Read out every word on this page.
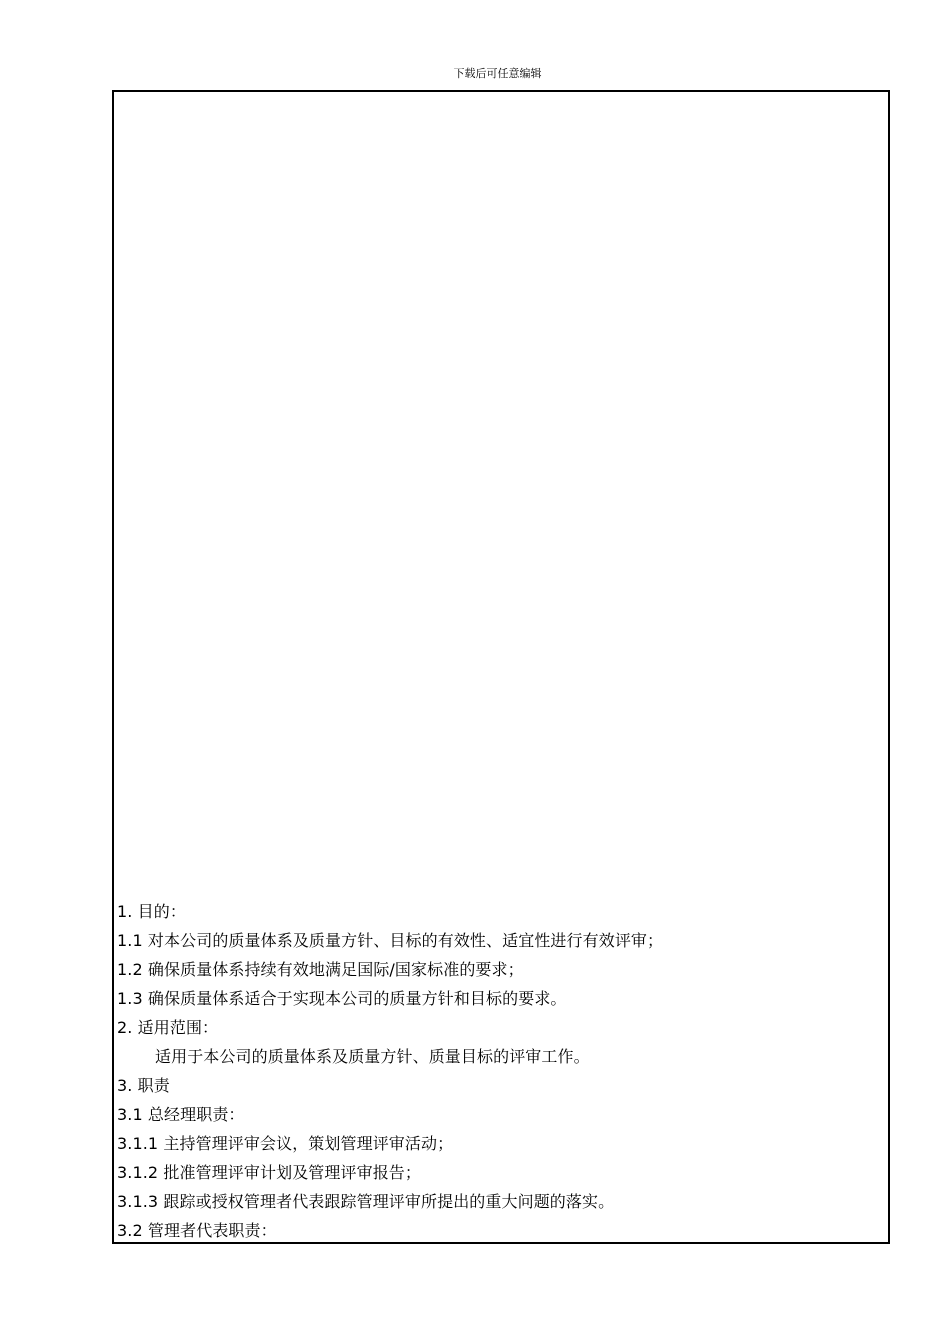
下载后可任意编辑
1. 目的：
1.1 对本公司的质量体系及质量方针、目标的有效性、适宜性进行有效评审；
1.2 确保质量体系持续有效地满足国际/国家标准的要求；
1.3 确保质量体系适合于实现本公司的质量方针和目标的要求。
2. 适用范围：
适用于本公司的质量体系及质量方针、质量目标的评审工作。
3. 职责
3.1 总经理职责：
3.1.1 主持管理评审会议，策划管理评审活动；
3.1.2 批准管理评审计划及管理评审报告；
3.1.3 跟踪或授权管理者代表跟踪管理评审所提出的重大问题的落实。
3.2 管理者代表职责：
